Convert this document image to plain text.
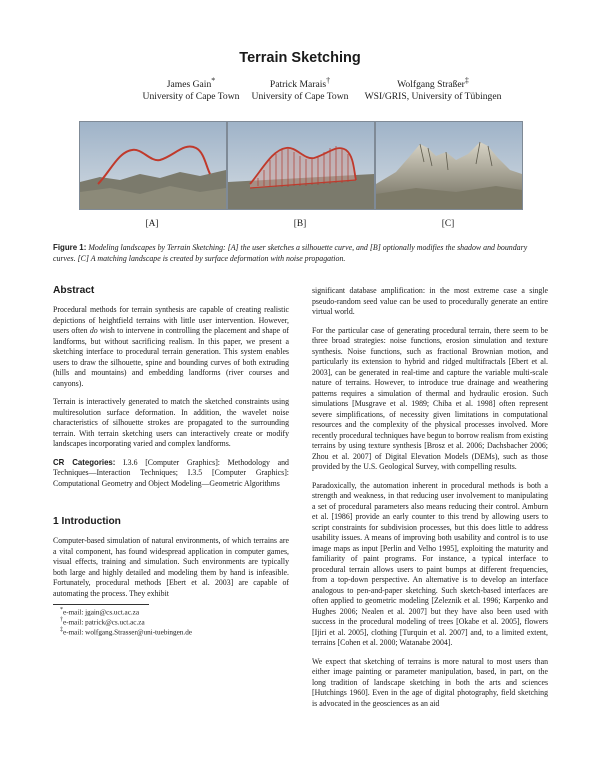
Terrain Sketching
James Gain*
University of Cape Town
Patrick Marais†
University of Cape Town
Wolfgang Straßer‡
WSI/GRIS, University of Tübingen
[A]	[B]	[C]
Figure 1: Modeling landscapes by Terrain Sketching: [A] the user sketches a silhouette curve, and [B] optionally modifies the shadow and boundary curves. [C] A matching landscape is created by surface deformation with noise propagation.
Abstract

Procedural methods for terrain synthesis are capable of creating realistic depictions of heightfield terrains with little user intervention. However, users often do wish to intervene in controlling the placement and shape of landforms, but without sacrificing realism. In this paper, we present a sketching interface to procedural terrain generation. This system enables users to draw the silhouette, spine and bounding curves of both extruding (hills and mountains) and embedding landforms (river courses and canyons).

Terrain is interactively generated to match the sketched constraints using multiresolution surface deformation. In addition, the wavelet noise characteristics of silhouette strokes are propagated to the surrounding terrain. With terrain sketching users can interactively create or modify landscapes incorporating varied and complex landforms.

CR Categories: I.3.6 [Computer Graphics]: Methodology and Techniques—Interaction Techniques; I.3.5 [Computer Graphics]: Computational Geometry and Object Modeling—Geometric Algorithms

1 Introduction

Computer-based simulation of natural environments, of which terrains are a vital component, has found widespread application in computer games, visual effects, training and simulation. Such environments are typically both large and highly detailed and modeling them by hand is infeasible. Fortunately, procedural methods [Ebert et al. 2003] are capable of automating the process. They exhibit

*e-mail: jgain@cs.uct.ac.za
†e-mail: patrick@cs.uct.ac.za
‡e-mail: wolfgang.Strasser@uni-tuebingen.de

significant database amplification: in the most extreme case a single pseudo-random seed value can be used to procedurally generate an entire virtual world.

For the particular case of generating procedural terrain, there seem to be three broad strategies: noise functions, erosion simulation and texture synthesis. Noise functions, such as fractional Brownian motion, and particularly its extension to hybrid and ridged multifractals [Ebert et al. 2003], can be generated in real-time and capture the variable multi-scale nature of terrains. However, to introduce true drainage and weathering patterns requires a simulation of thermal and hydraulic erosion. Such simulations [Musgrave et al. 1989; Chiba et al. 1998] often represent severe simplifications, of necessity given limitations in computational resources and the complexity of the physical processes involved. More recently procedural techniques have begun to borrow realism from existing terrains by using texture synthesis [Brosz et al. 2006; Dachsbacher 2006; Zhou et al. 2007] of Digital Elevation Models (DEMs), such as those provided by the U.S. Geological Survey, with compelling results.

Paradoxically, the automation inherent in procedural methods is both a strength and weakness, in that reducing user involvement to manipulating a set of procedural parameters also means reducing their control. Amburn et al. [1986] provide an early counter to this trend by allowing users to script constraints for subdivision processes, but this does little to address usability issues. A means of improving both usability and control is to use image maps as input [Perlin and Velho 1995], exploiting the maturity and familiarity of paint programs. For instance, a typical interface to procedural terrain allows users to paint bumps at different frequencies, from a top-down perspective. An alternative is to develop an interface analogous to pen-and-paper sketching. Such sketch-based interfaces are often applied to geometric modeling [Zeleznik et al. 1996; Karpenko and Hughes 2006; Nealen et al. 2007] but they have also been used with success in the procedural modeling of trees [Okabe et al. 2005], flowers [Ijiri et al. 2005], clothing [Turquin et al. 2007] and, to a limited extent, terrains [Cohen et al. 2000; Watanabe 2004].

We expect that sketching of terrains is more natural to most users than either image painting or parameter manipulation, based, in part, on the long tradition of landscape sketching in both the arts and sciences [Hutchings 1960]. Even in the age of digital photography, field sketching is advocated in the geosciences as an aid
